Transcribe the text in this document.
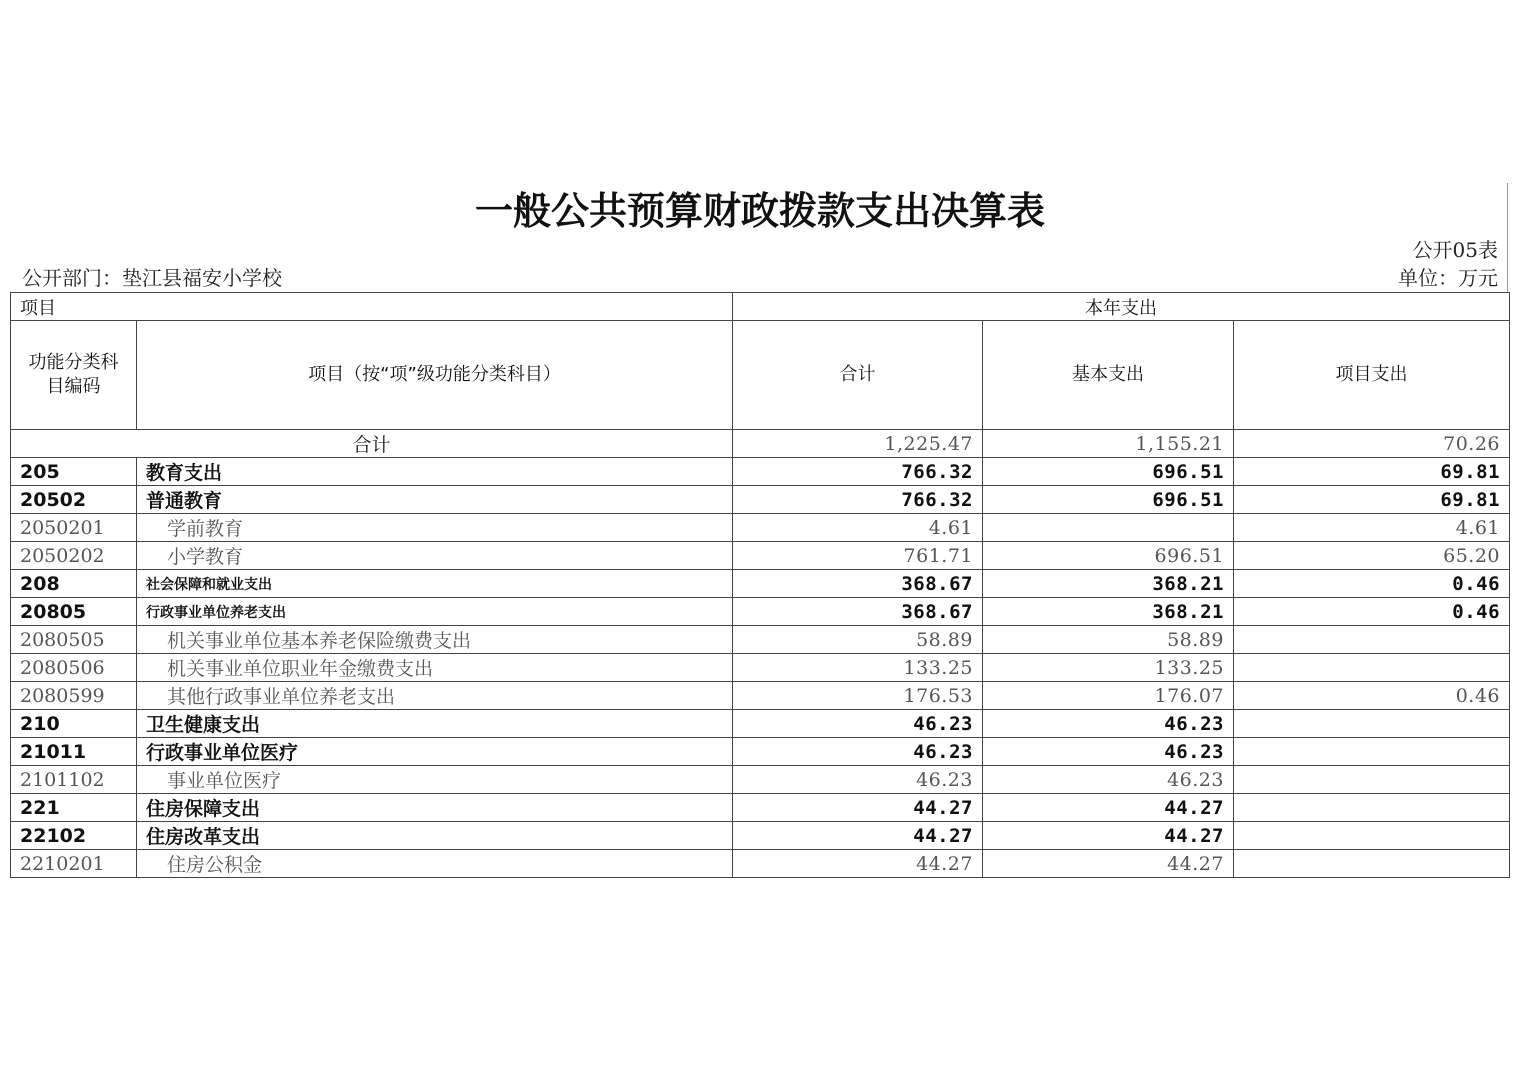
一般公共预算财政拨款支出决算表
公开05表
公开部门：垫江县福安小学校	单位：万元
项目		本年支出		
功能分类科目编码	项目（按“项”级功能分类科目）	合计	基本支出	项目支出
合计		1,225.47	1,155.21	70.26
205	教育支出	766.32	696.51	69.81
20502	普通教育	766.32	696.51	69.81
2050201	学前教育	4.61		4.61
2050202	小学教育	761.71	696.51	65.20
208	社会保障和就业支出	368.67	368.21	0.46
20805	行政事业单位养老支出	368.67	368.21	0.46
2080505	机关事业单位基本养老保险缴费支出	58.89	58.89	
2080506	机关事业单位职业年金缴费支出	133.25	133.25	
2080599	其他行政事业单位养老支出	176.53	176.07	0.46
210	卫生健康支出	46.23	46.23	
21011	行政事业单位医疗	46.23	46.23	
2101102	事业单位医疗	46.23	46.23	
221	住房保障支出	44.27	44.27	
22102	住房改革支出	44.27	44.27	
2210201	住房公积金	44.27	44.27	
